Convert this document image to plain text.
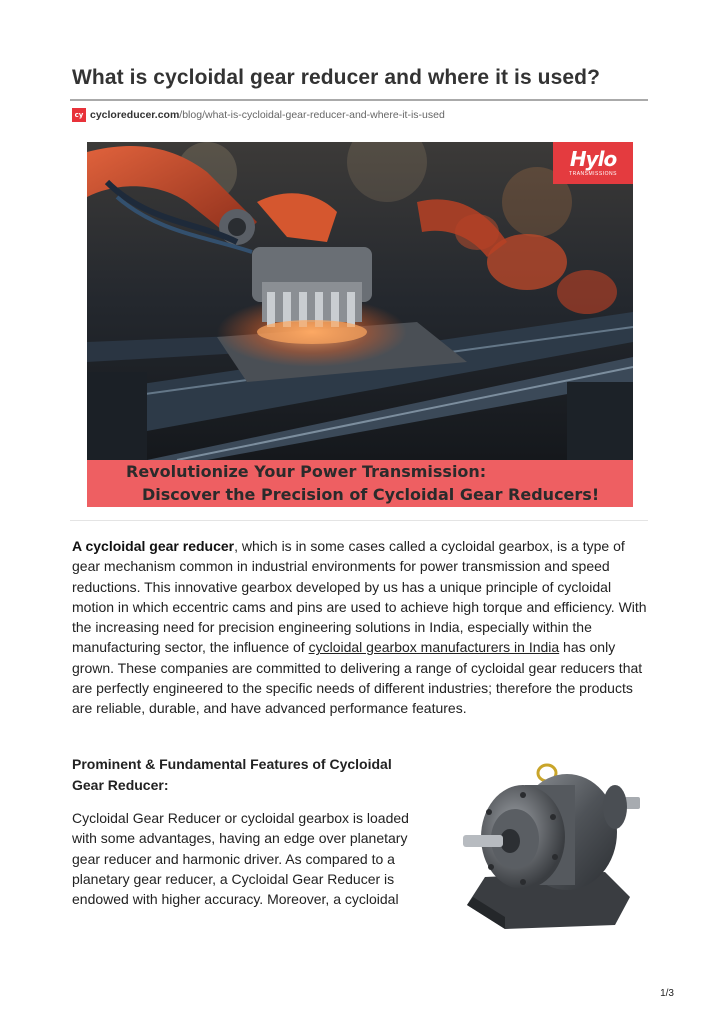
What is cycloidal gear reducer and where it is used?
cy cycloreducer.com /blog/what-is-cycloidal-gear-reducer-and-where-it-is-used
Hylo
TRANSMISSIONS
Revolutionize Your Power Transmission:
Discover the Precision of Cycloidal Gear Reducers!
A cycloidal gear reducer, which is in some cases called a cycloidal gearbox, is a type of gear mechanism common in industrial environments for power transmission and speed reductions. This innovative gearbox developed by us has a unique principle of cycloidal motion in which eccentric cams and pins are used to achieve high torque and efficiency. With the increasing need for precision engineering solutions in India, especially within the manufacturing sector, the influence of cycloidal gearbox manufacturers in India has only grown. These companies are committed to delivering a range of cycloidal gear reducers that are perfectly engineered to the specific needs of different industries; therefore the products are reliable, durable, and have advanced performance features.
Prominent & Fundamental Features of Cycloidal Gear Reducer:
Cycloidal Gear Reducer or cycloidal gearbox is loaded with some advantages, having an edge over planetary gear reducer and harmonic driver. As compared to a planetary gear reducer, a Cycloidal Gear Reducer is endowed with higher accuracy. Moreover, a cycloidal
1/3
